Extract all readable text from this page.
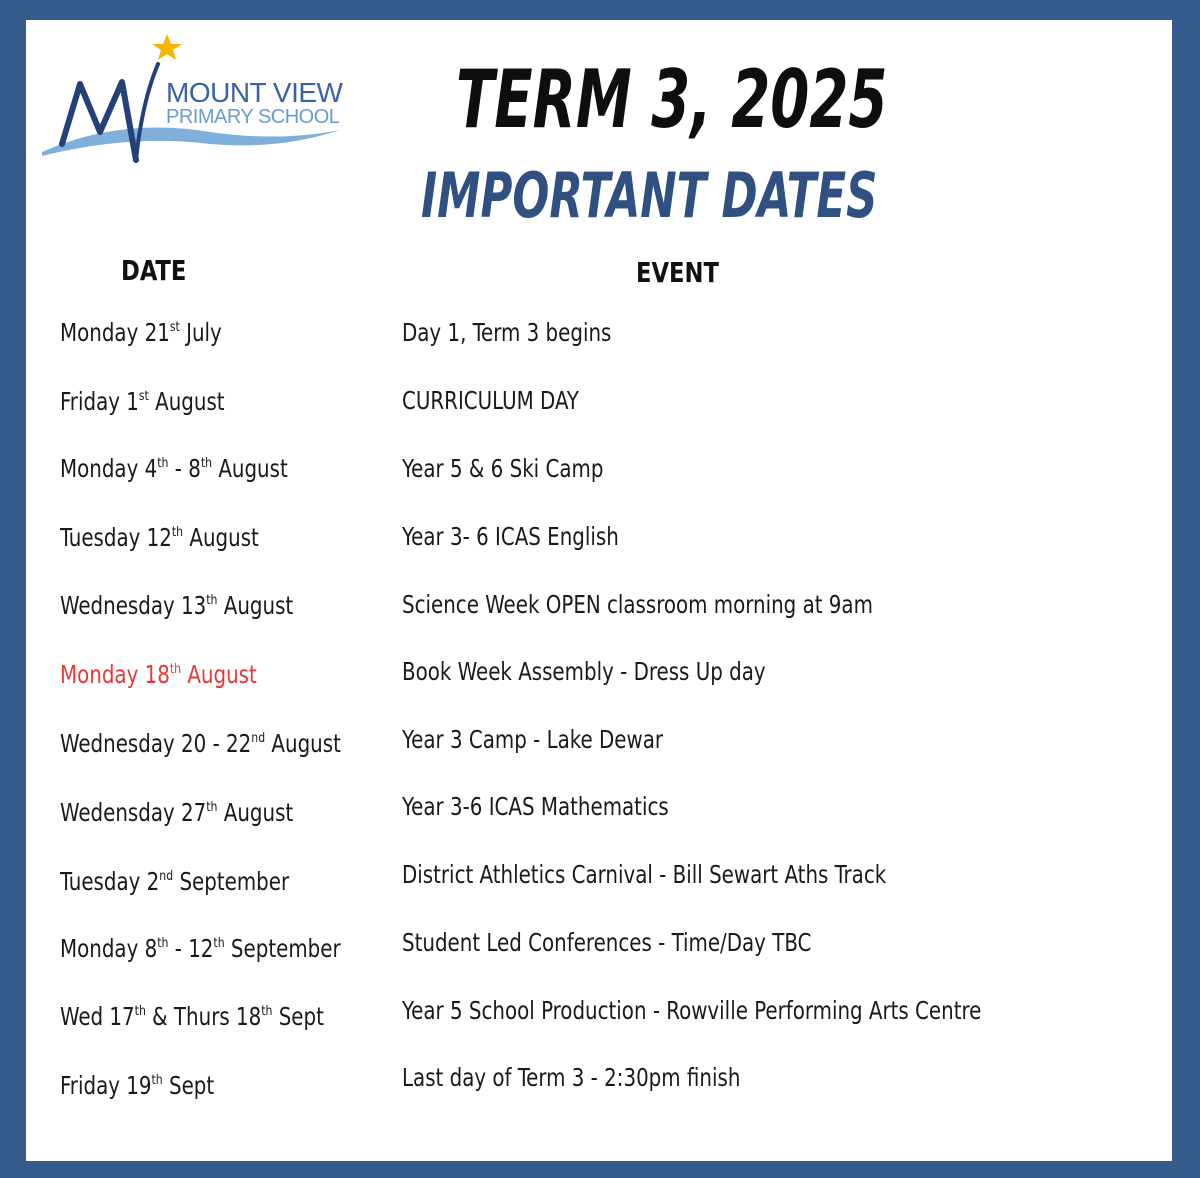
MOUNT VIEW
PRIMARY SCHOOL TERM 3, 2025
IMPORTANT DATES
DATE	EVENT
Monday 21st July	Day 1, Term 3 begins
Friday 1st August	CURRICULUM DAY
Monday 4th - 8th August	Year 5 & 6 Ski Camp
Tuesday 12th August	Year 3- 6 ICAS English
Wednesday 13th August	Science Week OPEN classroom morning at 9am
Monday 18th August	Book Week Assembly - Dress Up day
Wednesday 20 - 22nd August Year 3 Camp - Lake Dewar
Wedensday 27th August	Year 3-6 ICAS Mathematics
Tuesday 2nd September	District Athletics Carnival - Bill Sewart Aths Track
Monday 8th - 12th September	Student Led Conferences - Time/Day TBC
Wed 17th & Thurs 18th Sept	Year 5 School Production - Rowville Performing Arts Centre
Friday 19th Sept	Last day of Term 3 - 2:30pm finish
